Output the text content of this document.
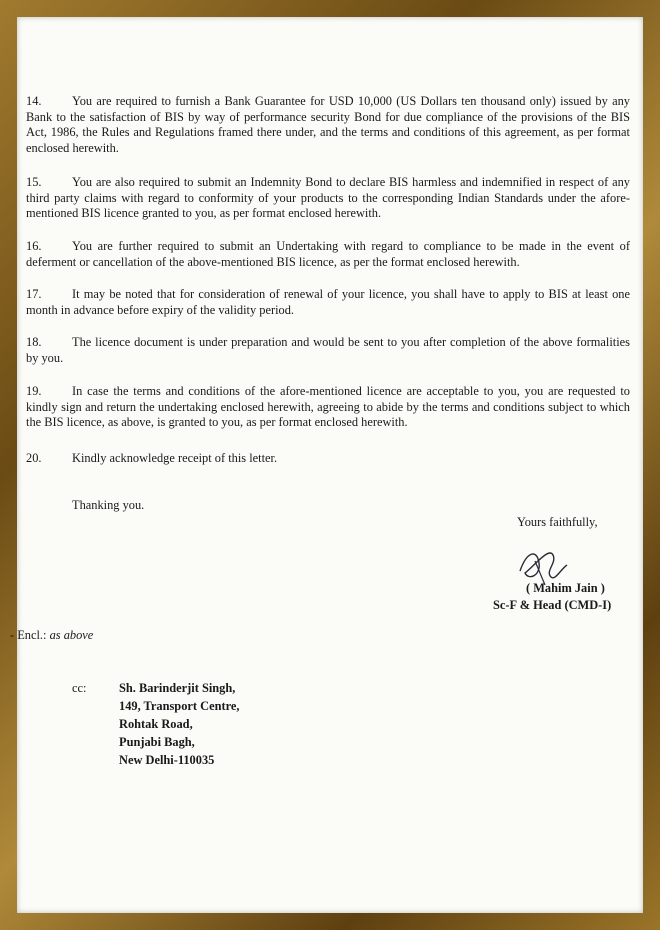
14. You are required to furnish a Bank Guarantee for USD 10,000 (US Dollars ten thousand only) issued by any Bank to the satisfaction of BIS by way of performance security Bond for due compliance of the provisions of the BIS Act, 1986, the Rules and Regulations framed there under, and the terms and conditions of this agreement, as per format enclosed herewith.

15. You are also required to submit an Indemnity Bond to declare BIS harmless and indemnified in respect of any third party claims with regard to conformity of your products to the corresponding Indian Standards under the afore-mentioned BIS licence granted to you, as per format enclosed herewith.

16. You are further required to submit an Undertaking with regard to compliance to be made in the event of deferment or cancellation of the above-mentioned BIS licence, as per the format enclosed herewith.

17. It may be noted that for consideration of renewal of your licence, you shall have to apply to BIS at least one month in advance before expiry of the validity period.

18. The licence document is under preparation and would be sent to you after completion of the above formalities by you.

19. In case the terms and conditions of the afore-mentioned licence are acceptable to you, you are requested to kindly sign and return the undertaking enclosed herewith, agreeing to abide by the terms and conditions subject to which the BIS licence, as above, is granted to you, as per format enclosed herewith.

20. Kindly acknowledge receipt of this letter.

Thanking you.
Yours faithfully,
( Mahim Jain )
Sc-F & Head (CMD-I)
- Encl.: as above
cc:	Sh. Barinderjit Singh,
149, Transport Centre,
Rohtak Road,
Punjabi Bagh,
New Delhi-110035
